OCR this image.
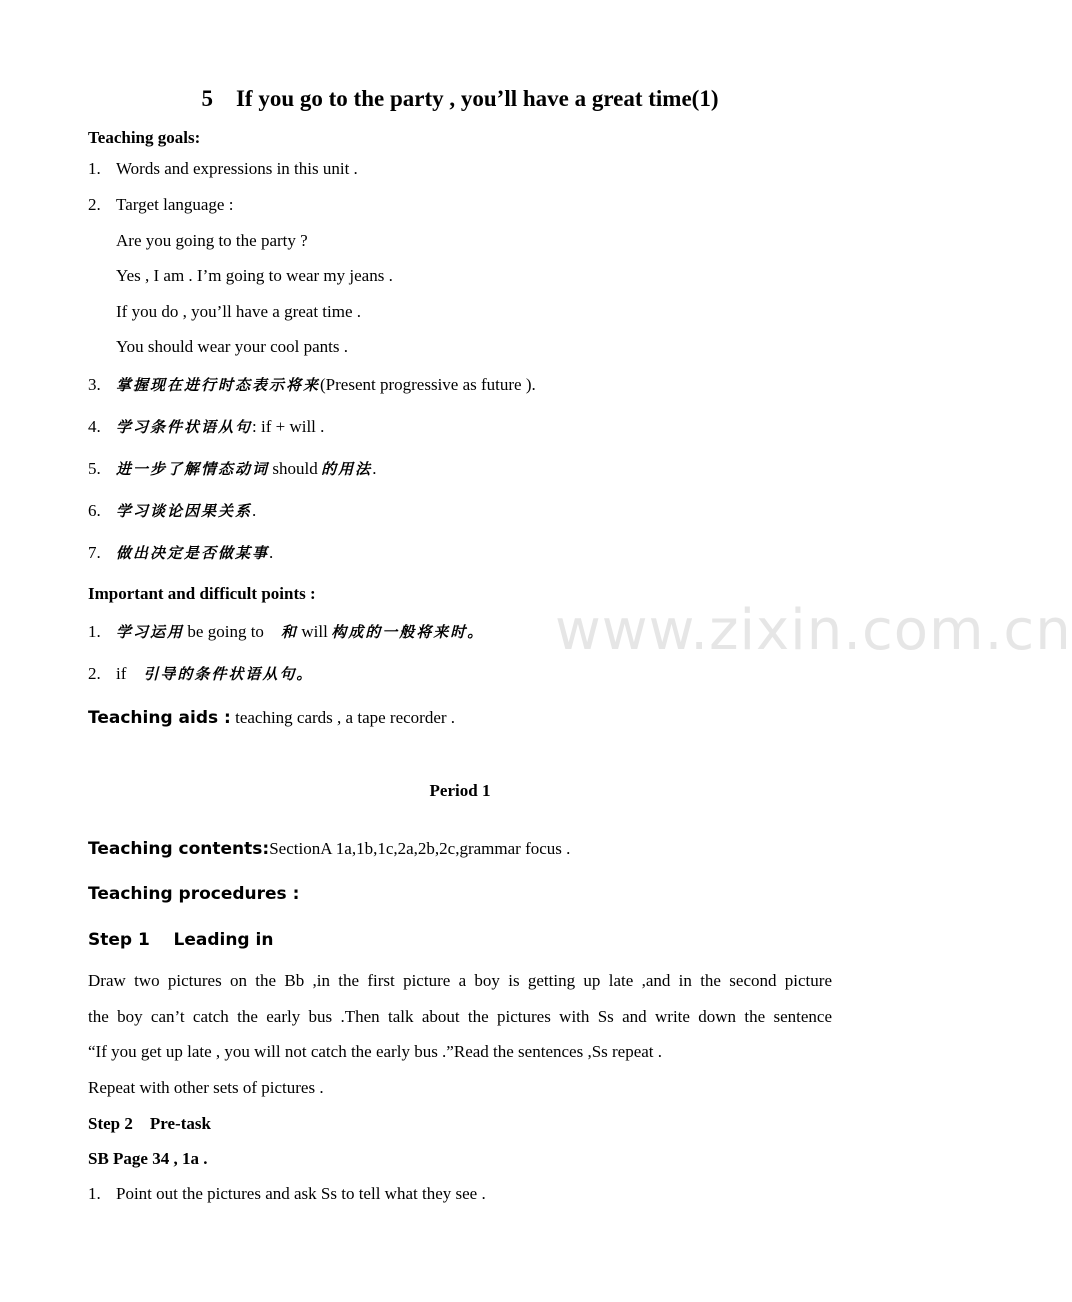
5    If you go to the party , you’ll have a great time(1)
Teaching goals:
1. Words and expressions in this unit .
2. Target language :
Are you going to the party ?
Yes , I am . I’m going to wear my jeans .
If you do , you’ll have a great time .
You should wear your cool pants .
3. 掌握现在进行时态表示将来(Present progressive as future ).
4. 学习条件状语从句: if + will .
5. 进一步了解情态动词  should  的用法.
6. 学习谈论因果关系.
7. 做出决定是否做某事.
Important and difficult points :
1. 学习运用  be going to  和  will  构成的一般将来时。
2. if  引导的条件状语从句。
www.zixin.com.cn
Teaching aids : teaching cards , a tape recorder .
Period 1
Teaching contents:SectionA 1a,1b,1c,2a,2b,2c,grammar focus .
Teaching procedures :
Step 1    Leading in
Draw two pictures on the Bb ,in the first picture a boy is getting up late ,and in the second picture
the boy can’t catch the early bus .Then talk about the pictures with Ss and write down the sentence
“If you get up late , you will not catch the early bus .”Read the sentences ,Ss repeat .
Repeat with other sets of pictures .
Step 2    Pre-task
SB Page 34 , 1a .
1. Point out the pictures and ask Ss to tell what they see .
